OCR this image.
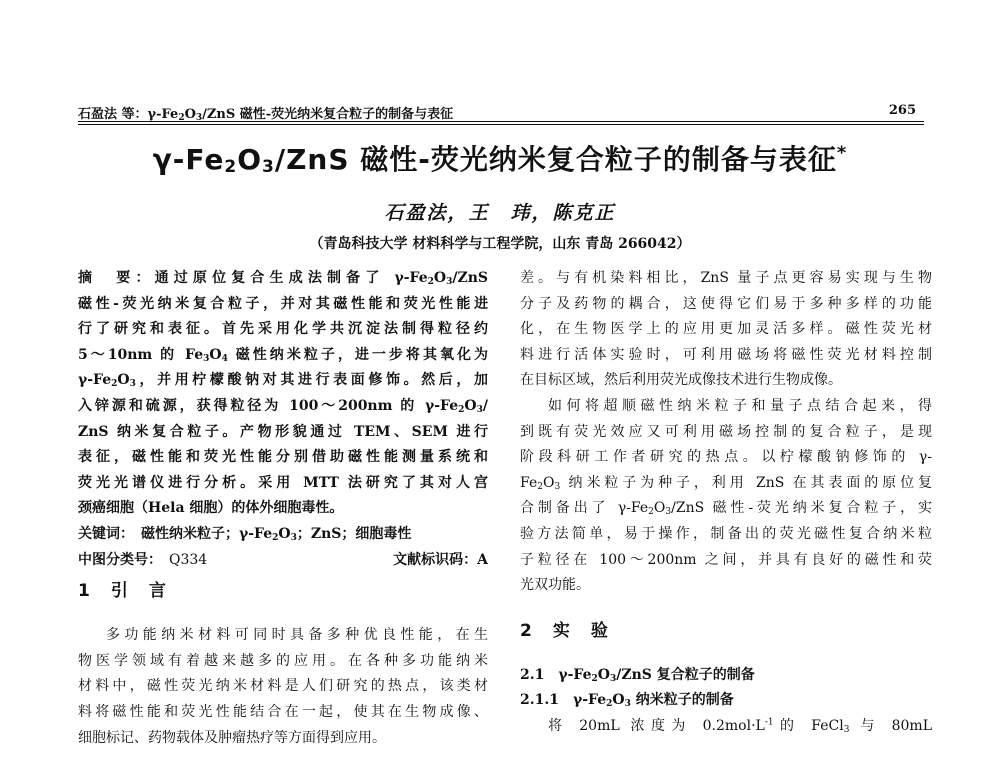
石盈法 等：$\gamma-Fe_2O_3$/ZnS 磁性-荧光纳米复合粒子的制备与表征	265
$\gamma-Fe_2O_3$/ZnS 磁性-荧光纳米复合粒子的制备与表征*
石盈法，王　玮，陈克正
（青岛科技大学 材料科学与工程学院，山东 青岛 266042）
摘　要：通过原位复合生成法制备了 $\gamma-Fe_2O_3$/ZnS
磁性-荧光纳米复合粒子，并对其磁性能和荧光性能进
行了研究和表征。首先采用化学共沉淀法制得粒径约
5～10nm 的 $Fe_3O_4$ 磁性纳米粒子，进一步将其氧化为
$\gamma-Fe_2O_3$，并用柠檬酸钠对其进行表面修饰。然后，加
入锌源和硫源，获得粒径为 100～200nm 的 $\gamma-Fe_2O_3/$
ZnS 纳米复合粒子。产物形貌通过 TEM、SEM 进行
表征，磁性能和荧光性能分别借助磁性能测量系统和
荧光光谱仪进行分析。采用 MTT 法研究了其对人宫
颈癌细胞（Hela 细胞）的体外细胞毒性。
关键词：　 磁性纳米粒子；$\gamma-Fe_2O_3$；ZnS；细胞毒性
中图分类号：　 Q334	文献标识码：A
1　引　言
多功能纳米材料可同时具备多种优良性能，在生
物医学领域有着越来越多的应用。在各种多功能纳米
材料中，磁性荧光纳米材料是人们研究的热点，该类材
料将磁性能和荧光性能结合在一起，使其在生物成像、
细胞标记、药物载体及肿瘤热疗等方面得到应用。
差。与有机染料相比，ZnS 量子点更容易实现与生物
分子及药物的耦合，这使得它们易于多种多样的功能
化，在生物医学上的应用更加灵活多样。磁性荧光材
料进行活体实验时，可利用磁场将磁性荧光材料控制
在目标区域，然后利用荧光成像技术进行生物成像。
如何将超顺磁性纳米粒子和量子点结合起来，得
到既有荧光效应又可利用磁场控制的复合粒子，是现
阶段科研工作者研究的热点。以柠檬酸钠修饰的 γ-
$Fe_2O_3$ 纳米粒子为种子，利用 ZnS 在其表面的原位复
合制备出了 $\gamma-Fe_2O_3$/ZnS 磁性-荧光纳米复合粒子，实
验方法简单，易于操作，制备出的荧光磁性复合纳米粒
子粒径在 100～200nm 之间，并具有良好的磁性和荧
光双功能。
2　实　验
2.1　$\gamma-Fe_2O_3$/ZnS 复合粒子的制备
2.1.1　$\gamma-Fe_2O_3$ 纳米粒子的制备
将 20mL 浓度为 $0.2mol\cdot L^{-1}$的 FeCl$_3$ 与 80mL
